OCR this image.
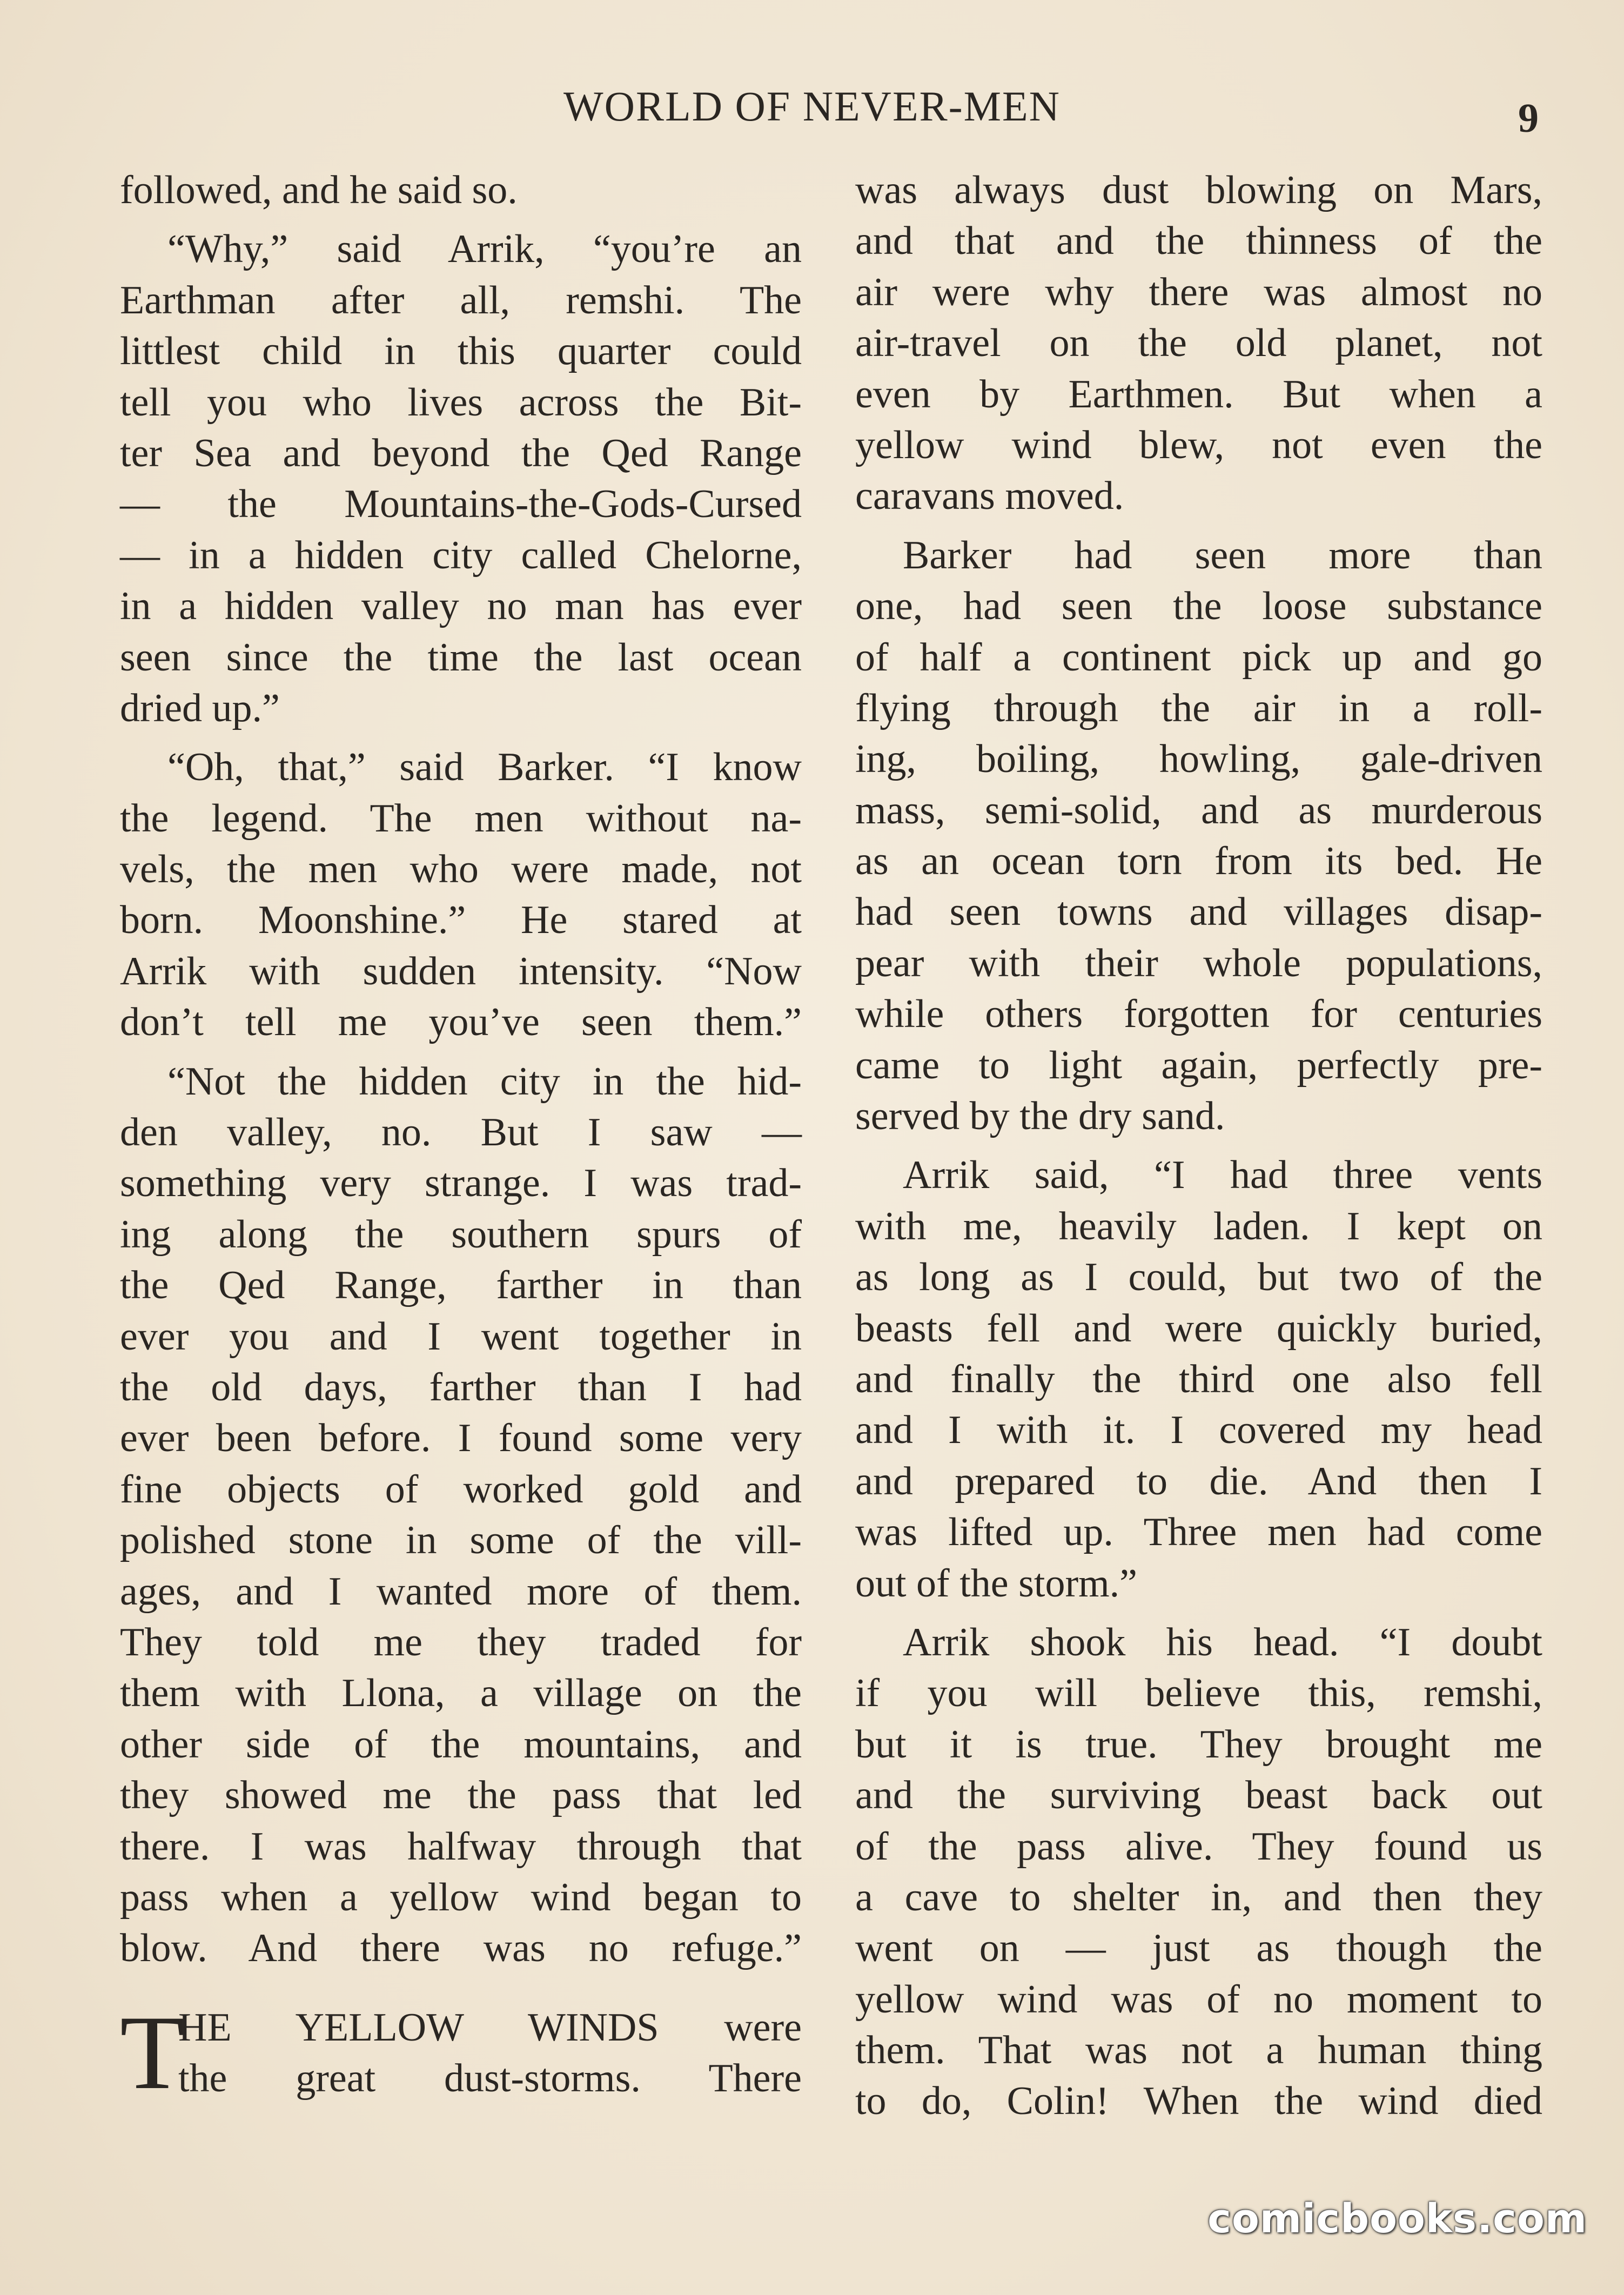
WORLD OF NEVER-MEN	9
followed, and he said so.
“Why,” said Arrik, “you’re an
Earthman after all, remshi. The
littlest child in this quarter could
tell you who lives across the Bit-
ter Sea and beyond the Qed Range
— the Mountains-the-Gods-Cursed
— in a hidden city called Chelorne,
in a hidden valley no man has ever
seen since the time the last ocean
dried up.”
“Oh, that,” said Barker. “I know
the legend. The men without na-
vels, the men who were made, not
born. Moonshine.” He stared at
Arrik with sudden intensity. “Now
don’t tell me you’ve seen them.”
“Not the hidden city in the hid-
den valley, no. But I saw —
something very strange. I was trad-
ing along the southern spurs of
the Qed Range, farther in than
ever you and I went together in
the old days, farther than I had
ever been before. I found some very
fine objects of worked gold and
polished stone in some of the vill-
ages, and I wanted more of them.
They told me they traded for
them with Llona, a village on the
other side of the mountains, and
they showed me the pass that led
there. I was halfway through that
pass when a yellow wind began to
blow. And there was no refuge.”
T
HE YELLOW WINDS were
the great dust-storms. There
was always dust blowing on Mars,
and that and the thinness of the
air were why there was almost no
air-travel on the old planet, not
even by Earthmen. But when a
yellow wind blew, not even the
caravans moved.
Barker had seen more than
one, had seen the loose substance
of half a continent pick up and go
flying through the air in a roll-
ing, boiling, howling, gale-driven
mass, semi-solid, and as murderous
as an ocean torn from its bed. He
had seen towns and villages disap-
pear with their whole populations,
while others forgotten for centuries
came to light again, perfectly pre-
served by the dry sand.
Arrik said, “I had three vents
with me, heavily laden. I kept on
as long as I could, but two of the
beasts fell and were quickly buried,
and finally the third one also fell
and I with it. I covered my head
and prepared to die. And then I
was lifted up. Three men had come
out of the storm.”
Arrik shook his head. “I doubt
if you will believe this, remshi,
but it is true. They brought me
and the surviving beast back out
of the pass alive. They found us
a cave to shelter in, and then they
went on — just as though the
yellow wind was of no moment to
them. That was not a human thing
to do, Colin! When the wind died
comicbooks.com
